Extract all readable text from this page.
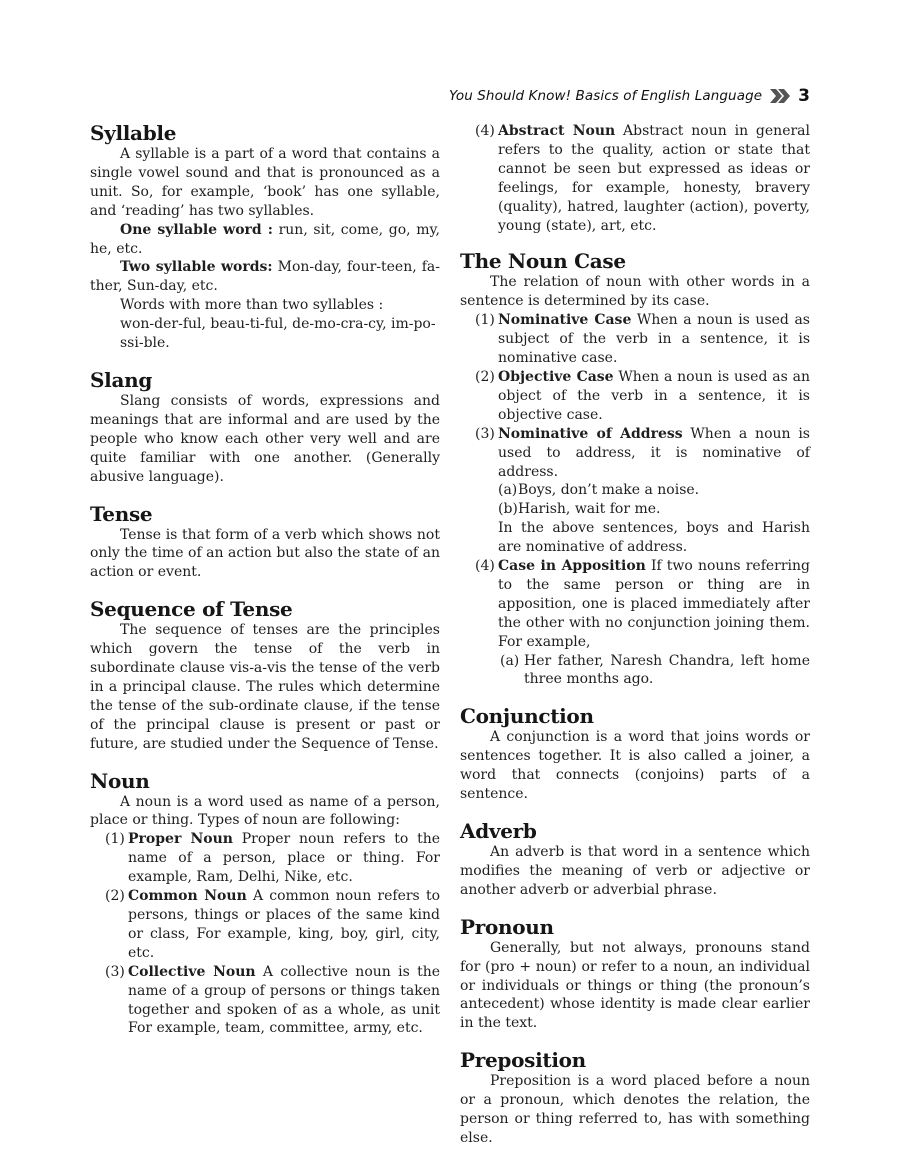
You Should Know! Basics of English Language 3
Syllable

A syllable is a part of a word that contains a single vowel sound and that is pronounced as a unit. So, for example, ‘book’ has one syllable, and ‘reading’ has two syllables.

One syllable word : run, sit, come, go, my, he, etc.

Two syllable words: Mon-day, four-teen, fa-ther, Sun-day, etc.

Words with more than two syllables :

won-der-ful, beau-ti-ful, de-mo-cra-cy, im-po-ssi-ble.

Slang

Slang consists of words, expressions and meanings that are informal and are used by the people who know each other very well and are quite familiar with one another. (Generally abusive language).

Tense

Tense is that form of a verb which shows not only the time of an action but also the state of an action or event.

Sequence of Tense

The sequence of tenses are the principles which govern the tense of the verb in subordinate clause vis-a-vis the tense of the verb in a principal clause. The rules which determine the tense of the sub-ordinate clause, if the tense of the principal clause is present or past or future, are studied under the Sequence of Tense.

Noun

A noun is a word used as name of a person, place or thing. Types of noun are following:

(1) Proper Noun Proper noun refers to the name of a person, place or thing. For example, Ram, Delhi, Nike, etc.
(2) Common Noun A common noun refers to persons, things or places of the same kind or class, For example, king, boy, girl, city, etc.
(3) Collective Noun A collective noun is the name of a group of persons or things taken together and spoken of as a whole, as unit For example, team, committee, army, etc.
(4) Abstract Noun Abstract noun in general refers to the quality, action or state that cannot be seen but expressed as ideas or feelings, for example, honesty, bravery (quality), hatred, laughter (action), poverty, young (state), art, etc.
The Noun Case

The relation of noun with other words in a sentence is determined by its case.

(1) Nominative Case When a noun is used as subject of the verb in a sentence, it is nominative case.
(2) Objective Case When a noun is used as an object of the verb in a sentence, it is objective case.
(3) Nominative of Address When a noun is used to address, it is nominative of address.
(a) Boys, don’t make a noise.
(b) Harish, wait for me.

In the above sentences, boys and Harish are nominative of address.

(4) Case in Apposition If two nouns referring to the same person or thing are in apposition, one is placed immediately after the other with no conjunction joining them. For example,
(a) Her father, Naresh Chandra, left home three months ago.
Conjunction

A conjunction is a word that joins words or sentences together. It is also called a joiner, a word that connects (conjoins) parts of a sentence.

Adverb

An adverb is that word in a sentence which modifies the meaning of verb or adjective or another adverb or adverbial phrase.

Pronoun

Generally, but not always, pronouns stand for (pro + noun) or refer to a noun, an individual or individuals or things or thing (the pronoun’s antecedent) whose identity is made clear earlier in the text.

Preposition

Preposition is a word placed before a noun or a pronoun, which denotes the relation, the person or thing referred to, has with something else.
